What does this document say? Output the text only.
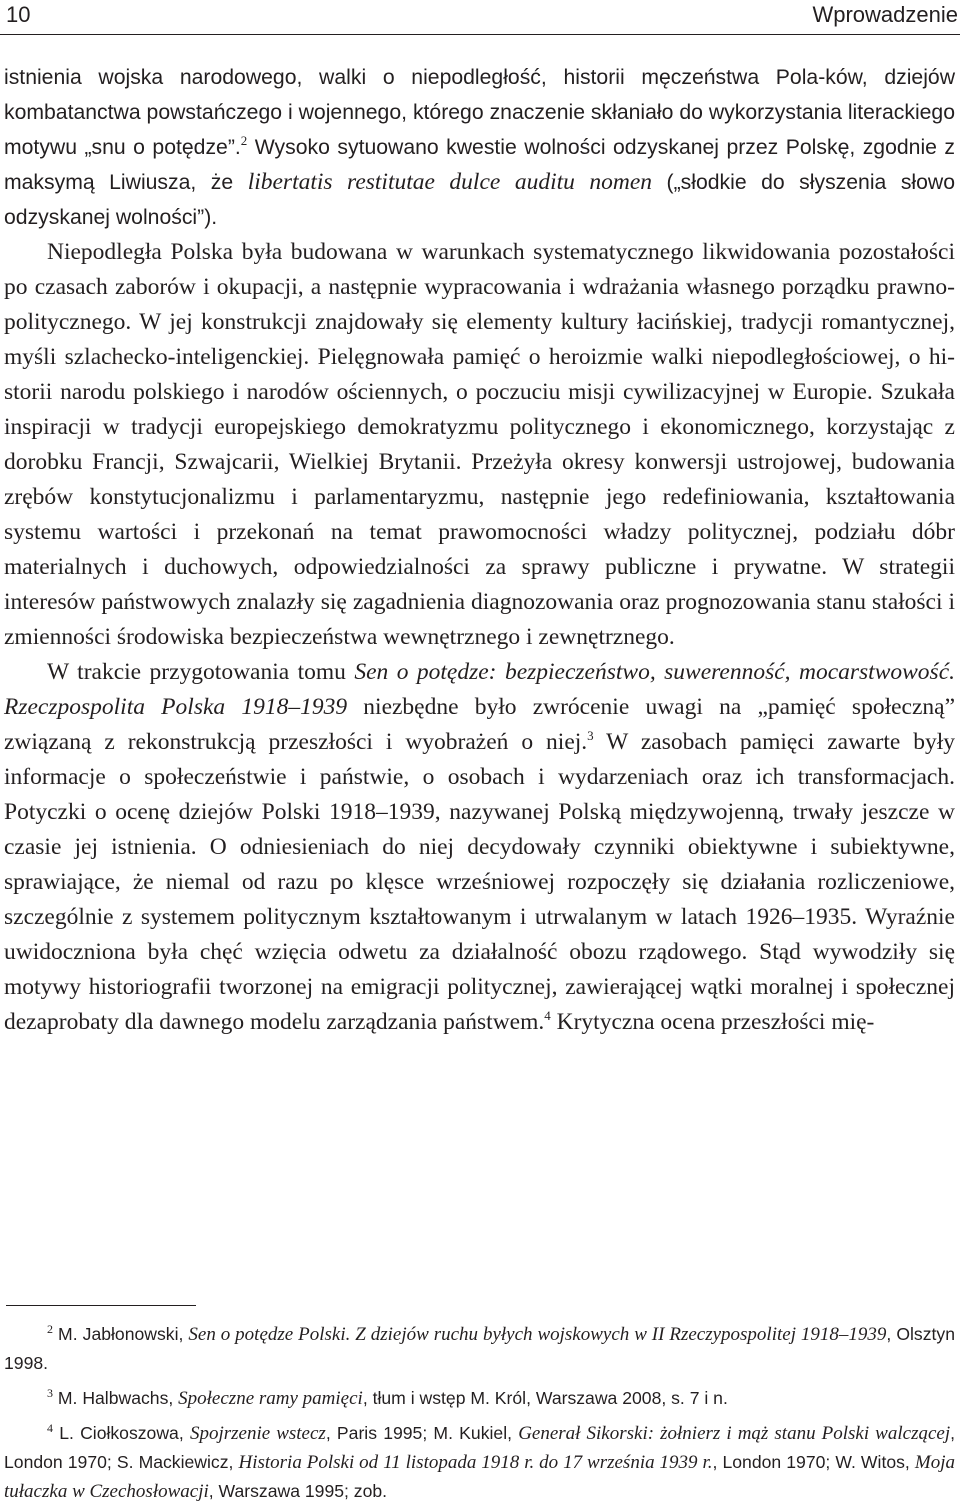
10	Wprowadzenie

istnienia wojska narodowego, walki o niepodległość, historii męczeństwa Pola-ków, dziejów kombatanctwa powstańczego i wojennego, którego znaczenie skłaniało do wykorzystania literackiego motywu „snu o potędze”.$^2$ Wysoko sytuowano kwestie wolności odzyskanej przez Polskę, zgodnie z maksymą Liwiusza, że libertatis restitutae dulce auditu nomen („słodkie do słyszenia słowo odzyskanej wolności”).

Niepodległa Polska była budowana w warunkach systematycznego likwidowania pozostałości po czasach zaborów i okupacji, a następnie wypracowania i wdrażania własnego porządku prawno-politycznego. W jej konstrukcji znajdowały się elementy kultury łacińskiej, tradycji romantycznej, myśli szlachecko-inteligenckiej. Pielęgnowała pamięć o heroizmie walki niepodległościowej, o historii narodu polskiego i narodów ościennych, o poczuciu misji cywilizacyjnej w Europie. Szukała inspiracji w tradycji europejskiego demokratyzmu politycznego i ekonomicznego, korzystając z dorobku Francji, Szwajcarii, Wielkiej Brytanii. Przeżyła okresy konwersji ustrojowej, budowania zrębów konstytucjonalizmu i parlamentaryzmu, następnie jego redefiniowania, kształtowania systemu wartości i przekonań na temat prawomocności władzy politycznej, podziału dóbr materialnych i duchowych, odpowiedzialności za sprawy publiczne i prywatne. W strategii interesów państwowych znalazły się zagadnienia diagnozowania oraz prognozowania stanu stałości i zmienności środowiska bezpieczeństwa wewnętrznego i zewnętrznego.

W trakcie przygotowania tomu Sen o potędze: bezpieczeństwo, suwerenność, mocarstwowość. Rzeczpospolita Polska 1918–1939 niezbędne było zwrócenie uwagi na „pamięć społeczną” związaną z rekonstrukcją przeszłości i wyobrażeń o niej.$^3$ W zasobach pamięci zawarte były informacje o społeczeństwie i państwie, o osobach i wydarzeniach oraz ich transformacjach. Potyczki o ocenę dziejów Polski 1918–1939, nazywanej Polską międzywojenną, trwały jeszcze w czasie jej istnienia. O odniesieniach do niej decydowały czynniki obiektywne i subiektywne, sprawiające, że niemal od razu po klęsce wrześniowej rozpoczęły się działania rozliczeniowe, szczególnie z systemem politycznym kształtowanym i utrwalanym w latach 1926–1935. Wyraźnie uwidoczniona była chęć wzięcia odwetu za działalność obozu rządowego. Stąd wywodziły się motywy historiografii tworzonej na emigracji politycznej, zawierającej wątki moralnej i społecznej dezaprobaty dla dawnego modelu zarządzania państwem.$^4$ Krytyczna ocena przeszłości mię-

$^2$ M. Jabłonowski, Sen o potędze Polski. Z dziejów ruchu byłych wojskowych w II Rzeczypospolitej 1918–1939, Olsztyn 1998.

$^3$ M. Halbwachs, Społeczne ramy pamięci, tłum i wstęp M. Król, Warszawa 2008, s. 7 i n.

$^4$ L. Ciołkoszowa, Spojrzenie wstecz, Paris 1995; M. Kukiel, Generał Sikorski: żołnierz i mąż stanu Polski walczącej, London 1970; S. Mackiewicz, Historia Polski od 11 listopada 1918 r. do 17 września 1939 r., London 1970; W. Witos, Moja tułaczka w Czechosłowacji, Warszawa 1995; zob.
